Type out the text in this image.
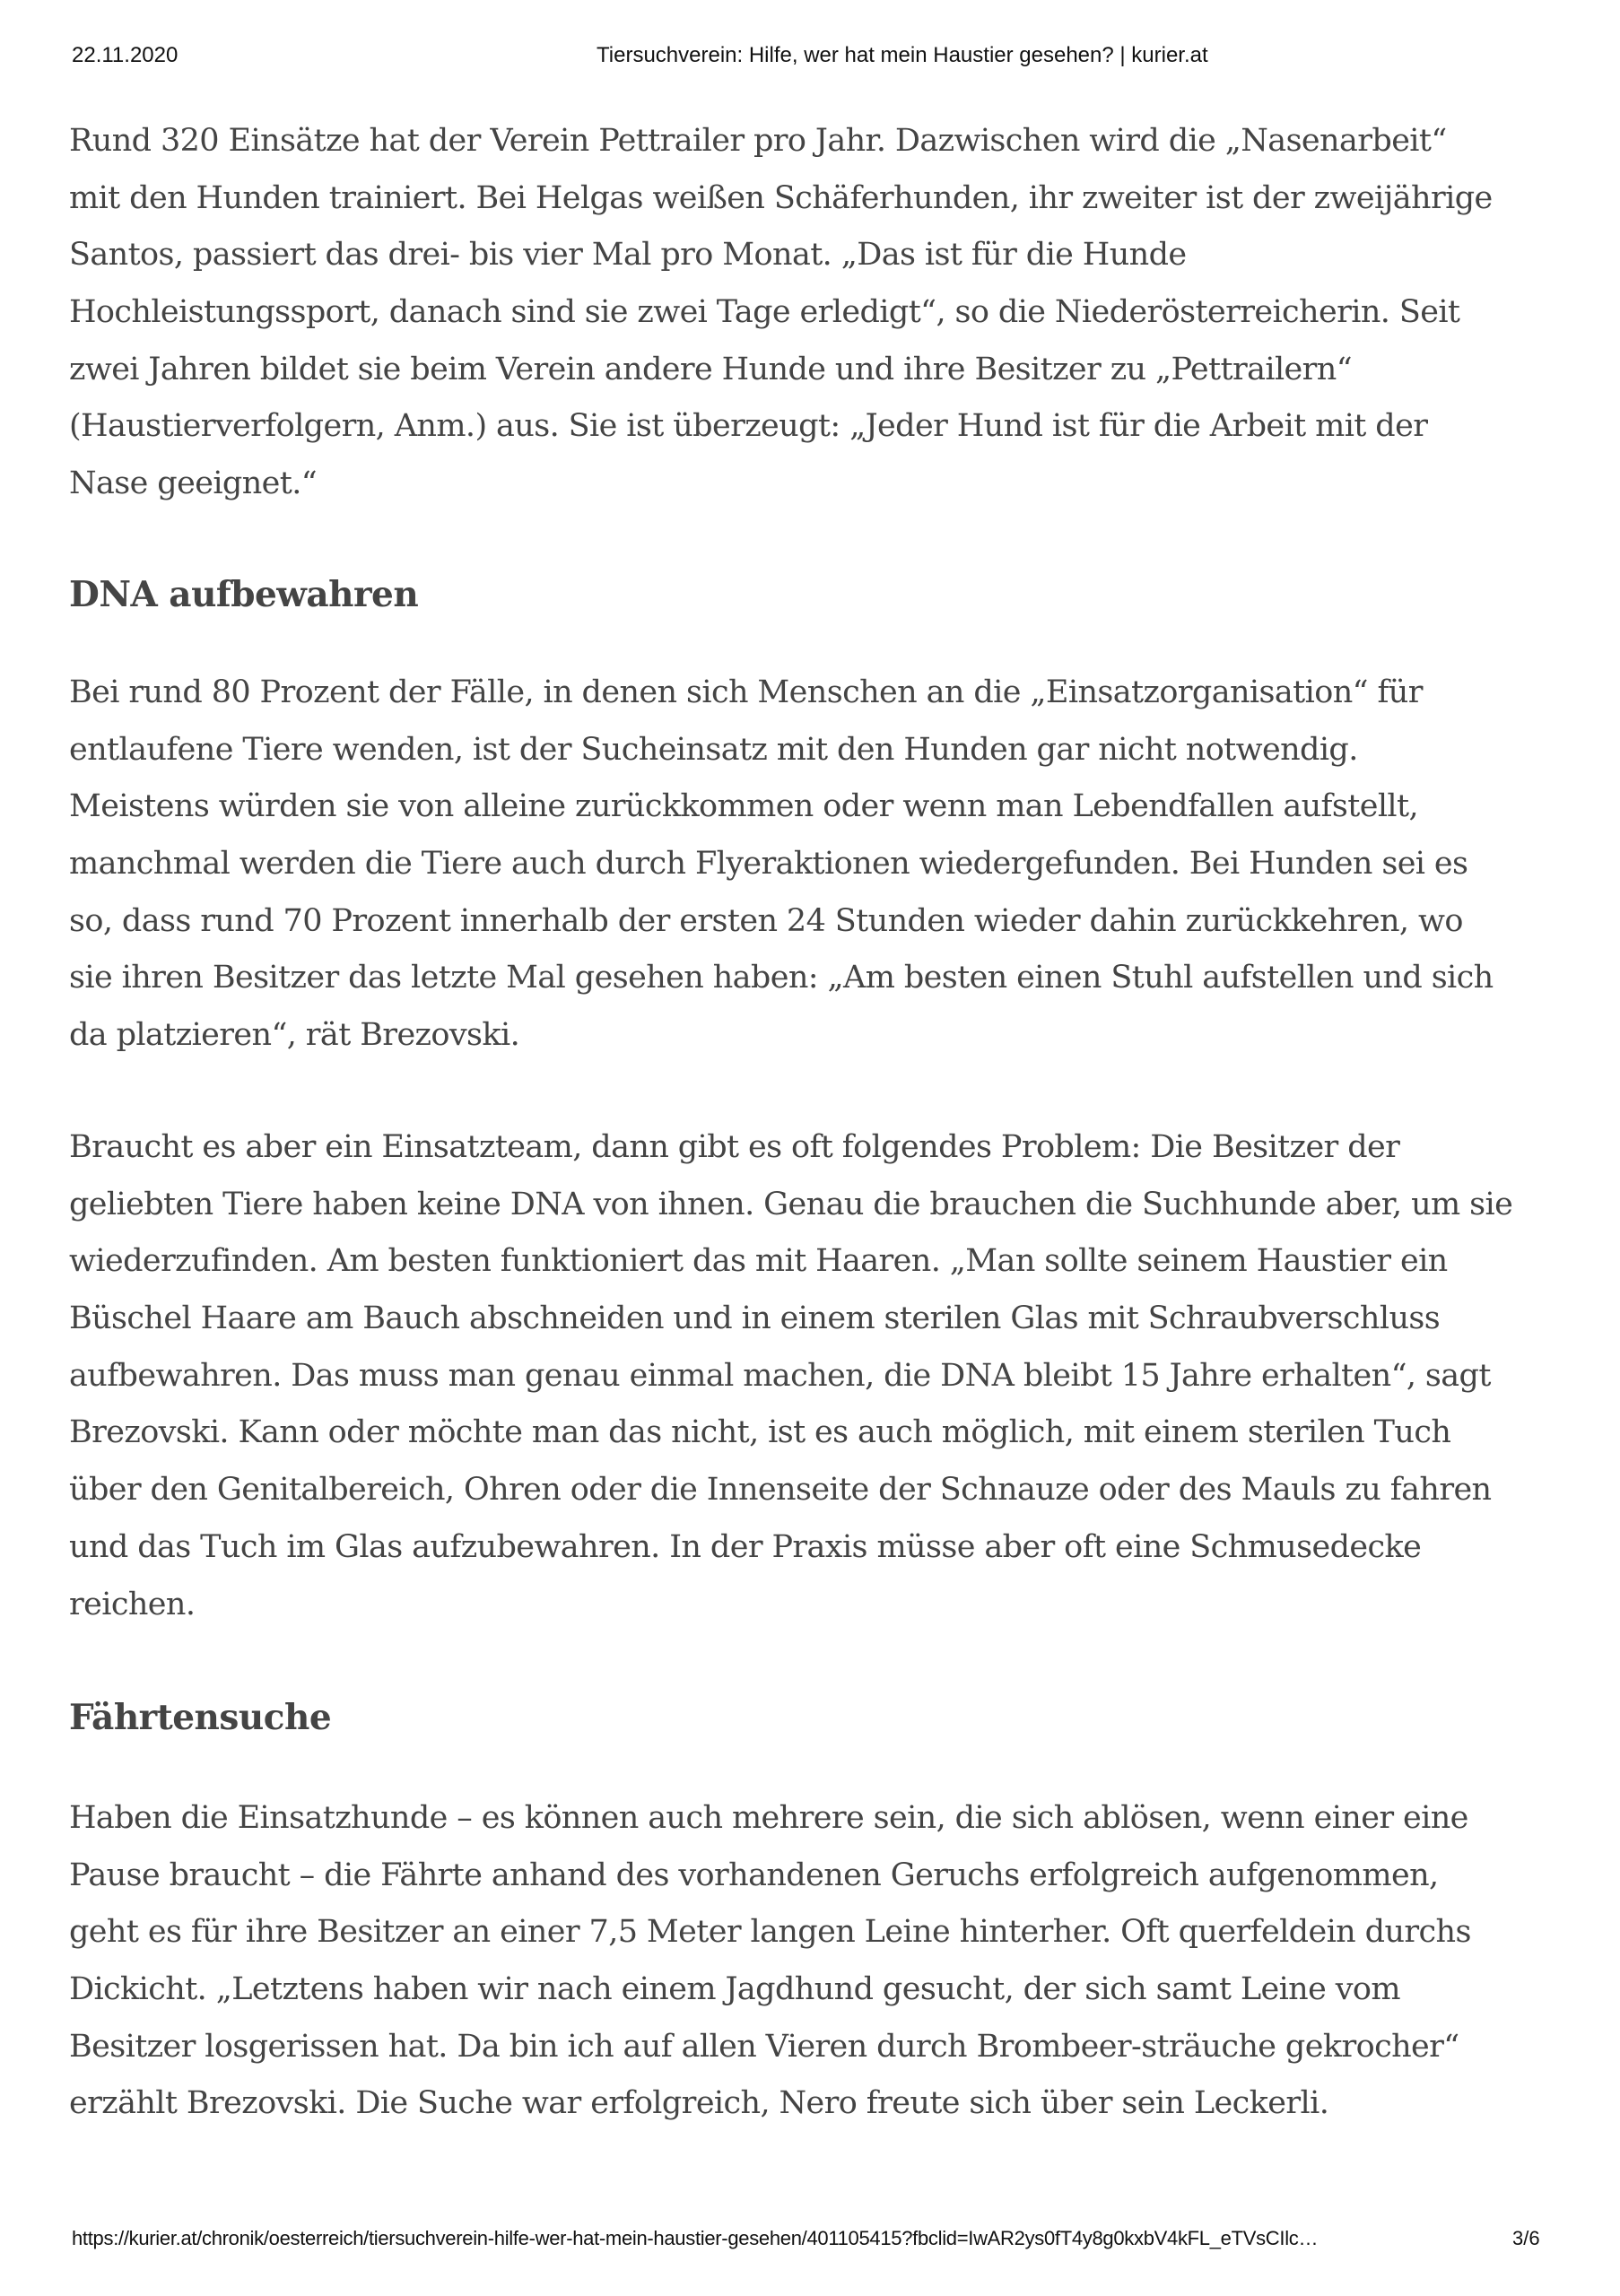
22.11.2020	Tiersuchverein: Hilfe, wer hat mein Haustier gesehen? | kurier.at
Rund 320 Einsätze hat der Verein Pettrailer pro Jahr. Dazwischen wird die „Nasenarbeit“
mit den Hunden trainiert. Bei Helgas weißen Schäferhunden, ihr zweiter ist der zweijährige
Santos, passiert das drei- bis vier Mal pro Monat. „Das ist für die Hunde
Hochleistungssport, danach sind sie zwei Tage erledigt“, so die Niederösterreicherin. Seit
zwei Jahren bildet sie beim Verein andere Hunde und ihre Besitzer zu „Pettrailern“
(Haustierverfolgern, Anm.) aus. Sie ist überzeugt: „Jeder Hund ist für die Arbeit mit der
Nase geeignet.“
DNA aufbewahren
Bei rund 80 Prozent der Fälle, in denen sich Menschen an die „Einsatzorganisation“ für
entlaufene Tiere wenden, ist der Sucheinsatz mit den Hunden gar nicht notwendig.
Meistens würden sie von alleine zurückkommen oder wenn man Lebendfallen aufstellt,
manchmal werden die Tiere auch durch Flyeraktionen wiedergefunden. Bei Hunden sei es
so, dass rund 70 Prozent innerhalb der ersten 24 Stunden wieder dahin zurückkehren, wo
sie ihren Besitzer das letzte Mal gesehen haben: „Am besten einen Stuhl aufstellen und sich
da platzieren“, rät Brezovski.
Braucht es aber ein Einsatzteam, dann gibt es oft folgendes Problem: Die Besitzer der
geliebten Tiere haben keine DNA von ihnen. Genau die brauchen die Suchhunde aber, um sie
wiederzufinden. Am besten funktioniert das mit Haaren. „Man sollte seinem Haustier ein
Büschel Haare am Bauch abschneiden und in einem sterilen Glas mit Schraubverschluss
aufbewahren. Das muss man genau einmal machen, die DNA bleibt 15 Jahre erhalten“, sagt
Brezovski. Kann oder möchte man das nicht, ist es auch möglich, mit einem sterilen Tuch
über den Genitalbereich, Ohren oder die Innenseite der Schnauze oder des Mauls zu fahren
und das Tuch im Glas aufzubewahren. In der Praxis müsse aber oft eine Schmusedecke
reichen.
Fährtensuche
Haben die Einsatzhunde – es können auch mehrere sein, die sich ablösen, wenn einer eine
Pause braucht – die Fährte anhand des vorhandenen Geruchs erfolgreich aufgenommen,
geht es für ihre Besitzer an einer 7,5 Meter langen Leine hinterher. Oft querfeldein durchs
Dickicht. „Letztens haben wir nach einem Jagdhund gesucht, der sich samt Leine vom
Besitzer losgerissen hat. Da bin ich auf allen Vieren durch Brombeer-sträuche gekrocher“
erzählt Brezovski. Die Suche war erfolgreich, Nero freute sich über sein Leckerli.
https://kurier.at/chronik/oesterreich/tiersuchverein-hilfe-wer-hat-mein-haustier-gesehen/401105415?fbclid=IwAR2ys0fT4y8g0kxbV4kFL_eTVsCIlc…	3/6
